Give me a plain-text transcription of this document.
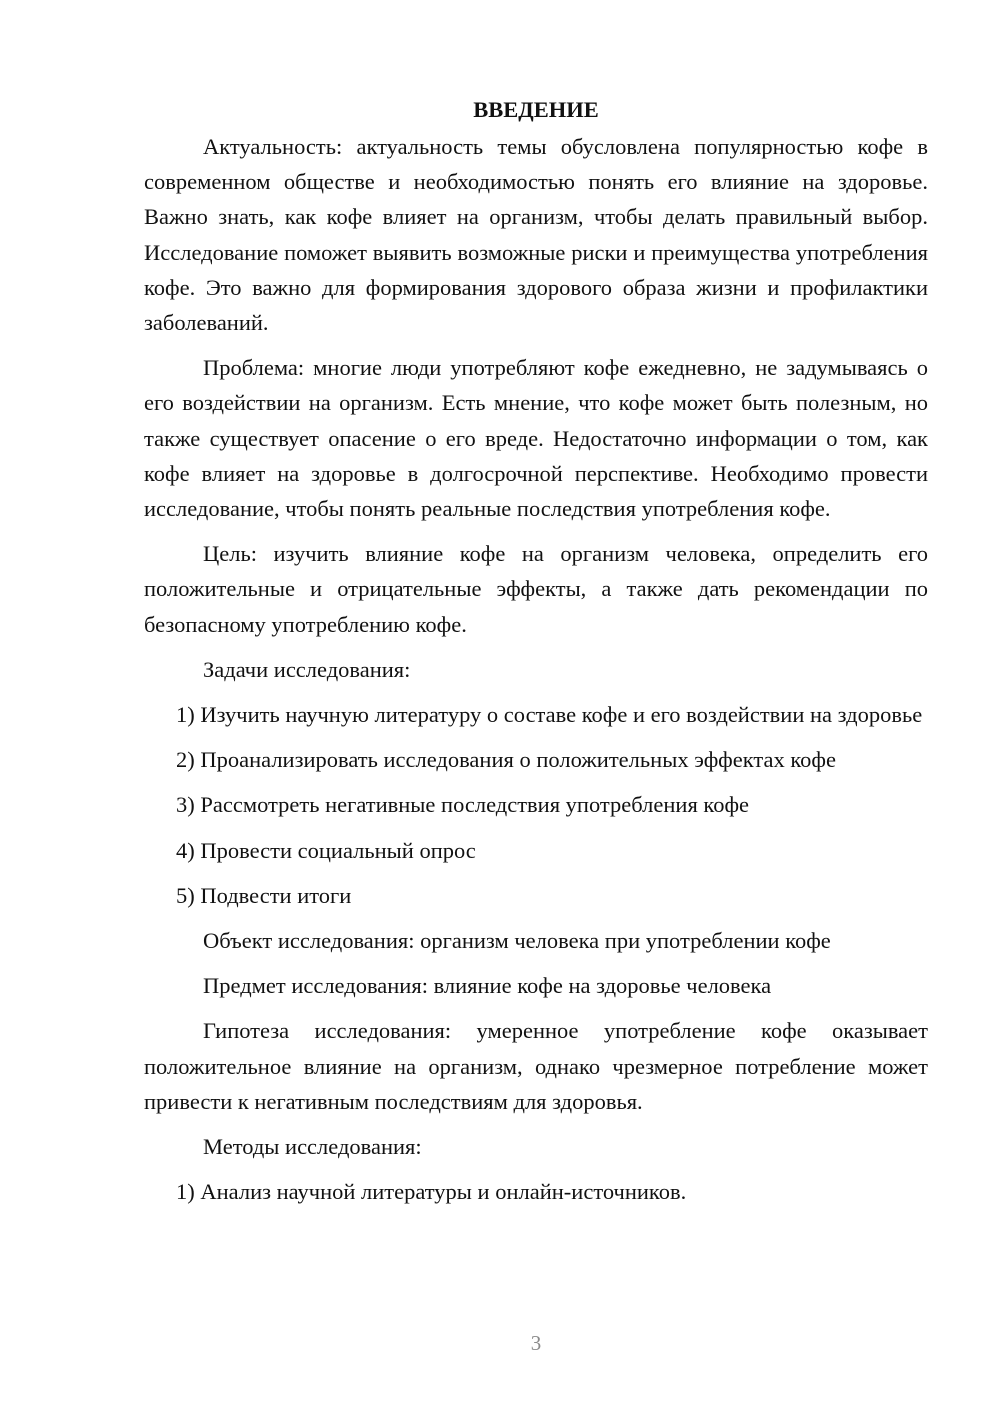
ВВЕДЕНИЕ

Актуальность: актуальность темы обусловлена популярностью кофе в современном обществе и необходимостью понять его влияние на здоровье. Важно знать, как кофе влияет на организм, чтобы делать правильный выбор. Исследование поможет выявить возможные риски и преимущества употребления кофе. Это важно для формирования здорового образа жизни и профилактики заболеваний.

Проблема: многие люди употребляют кофе ежедневно, не задумываясь о его воздействии на организм. Есть мнение, что кофе может быть полезным, но также существует опасение о его вреде. Недостаточно информации о том, как кофе влияет на здоровье в долгосрочной перспективе. Необходимо провести исследование, чтобы понять реальные последствия употребления кофе.

Цель: изучить влияние кофе на организм человека, определить его положительные и отрицательные эффекты, а также дать рекомендации по безопасному употреблению кофе.

Задачи исследования:

1) Изучить научную литературу о составе кофе и его воздействии на здоровье

2) Проанализировать исследования о положительных эффектах кофе

3) Рассмотреть негативные последствия употребления кофе

4) Провести социальный опрос

5) Подвести итоги

Объект исследования: организм человека при употреблении кофе

Предмет исследования: влияние кофе на здоровье человека

Гипотеза исследования: умеренное употребление кофе оказывает положительное влияние на организм, однако чрезмерное потребление может привести к негативным последствиям для здоровья.

Методы исследования:

1) Анализ научной литературы и онлайн-источников.

3
